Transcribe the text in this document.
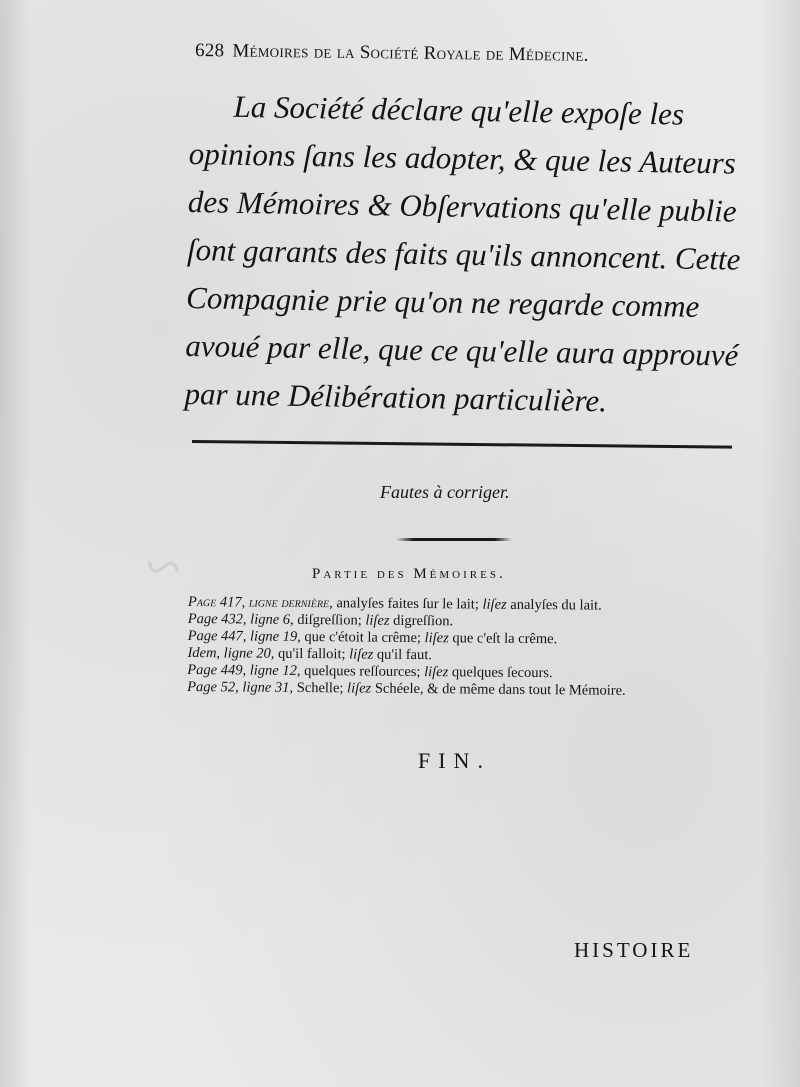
~
628 Mémoires de la Société Royale de Médecine.
La Société déclare qu'elle expoſe les
opinions ſans les adopter, & que les Auteurs
des Mémoires & Obſervations qu'elle publie
ſont garants des faits qu'ils annoncent. Cette
Compagnie prie qu'on ne regarde comme
avoué par elle, que ce qu'elle aura approuvé
par une Délibération particulière.
Fautes à corriger.
Partie des Mémoires.
Page 417, ligne dernière, analyſes faites ſur le lait; liſez analyſes du lait.
Page 432, ligne 6, diſgreſſion; liſez digreſſion.
Page 447, ligne 19, que c'étoit la crême; liſez que c'eſt la crême.
Idem, ligne 20, qu'il falloit; liſez qu'il faut.
Page 449, ligne 12, quelques reſſources; liſez quelques ſecours.
Page 52, ligne 31, Schelle; liſez Schéele, & de même dans tout le Mémoire.
FIN.
HISTOIRE
